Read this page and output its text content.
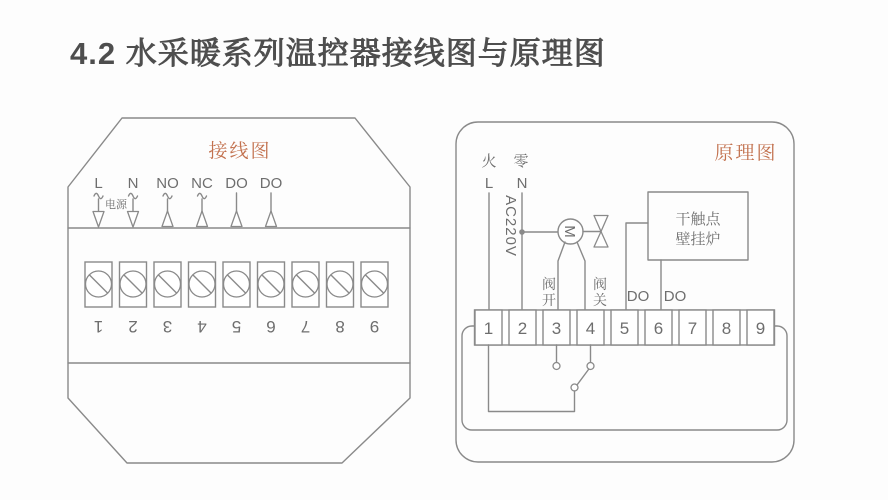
4.2 水采暖系列温控器接线图与原理图
接线图
L N
电源
NO NC DO DO
1 2 3 4 5 6 7 8 9
原理图
火 零
L N
AC220V	M
阀
开
阀
关
干触点
壁挂炉
DO DO
1 2 3 4 5 6 7 8 9
